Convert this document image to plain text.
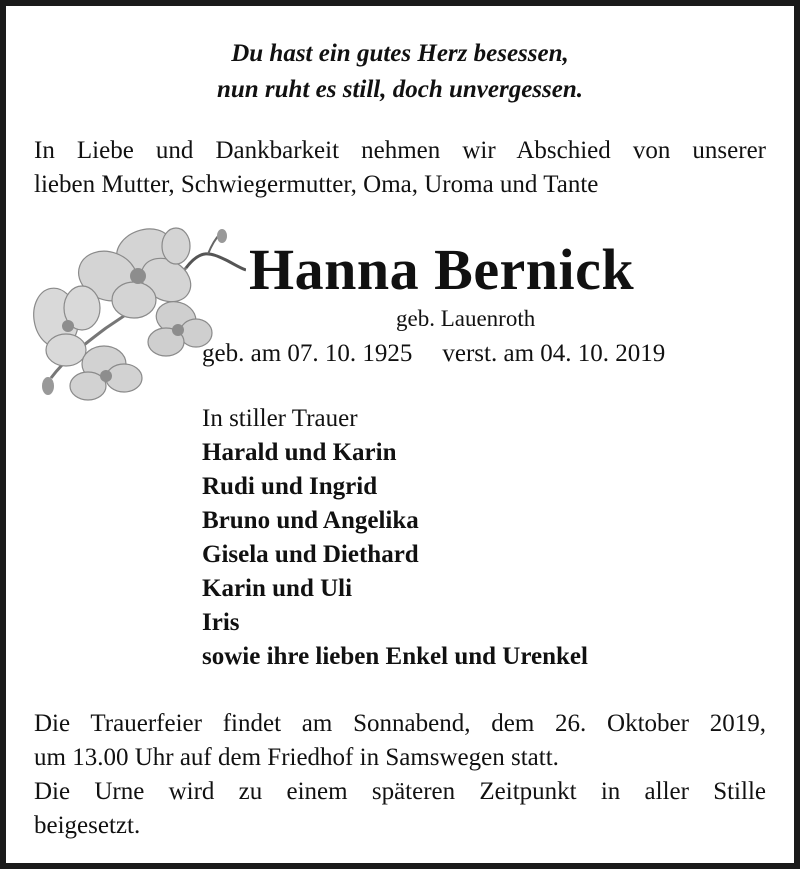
Du hast ein gutes Herz besessen,
nun ruht es still, doch unvergessen.
In Liebe und Dankbarkeit nehmen wir Abschied von unserer
lieben Mutter, Schwiegermutter, Oma, Uroma und Tante
Hanna Bernick
geb. Lauenroth
geb. am 07. 10. 1925 verst. am 04. 10. 2019
In stiller Trauer
Harald und Karin
Rudi und Ingrid
Bruno und Angelika
Gisela und Diethard
Karin und Uli
Iris
sowie ihre lieben Enkel und Urenkel
Die Trauerfeier findet am Sonnabend, dem 26. Oktober 2019,
um 13.00 Uhr auf dem Friedhof in Samswegen statt.
Die Urne wird zu einem späteren Zeitpunkt in aller Stille
beigesetzt.
